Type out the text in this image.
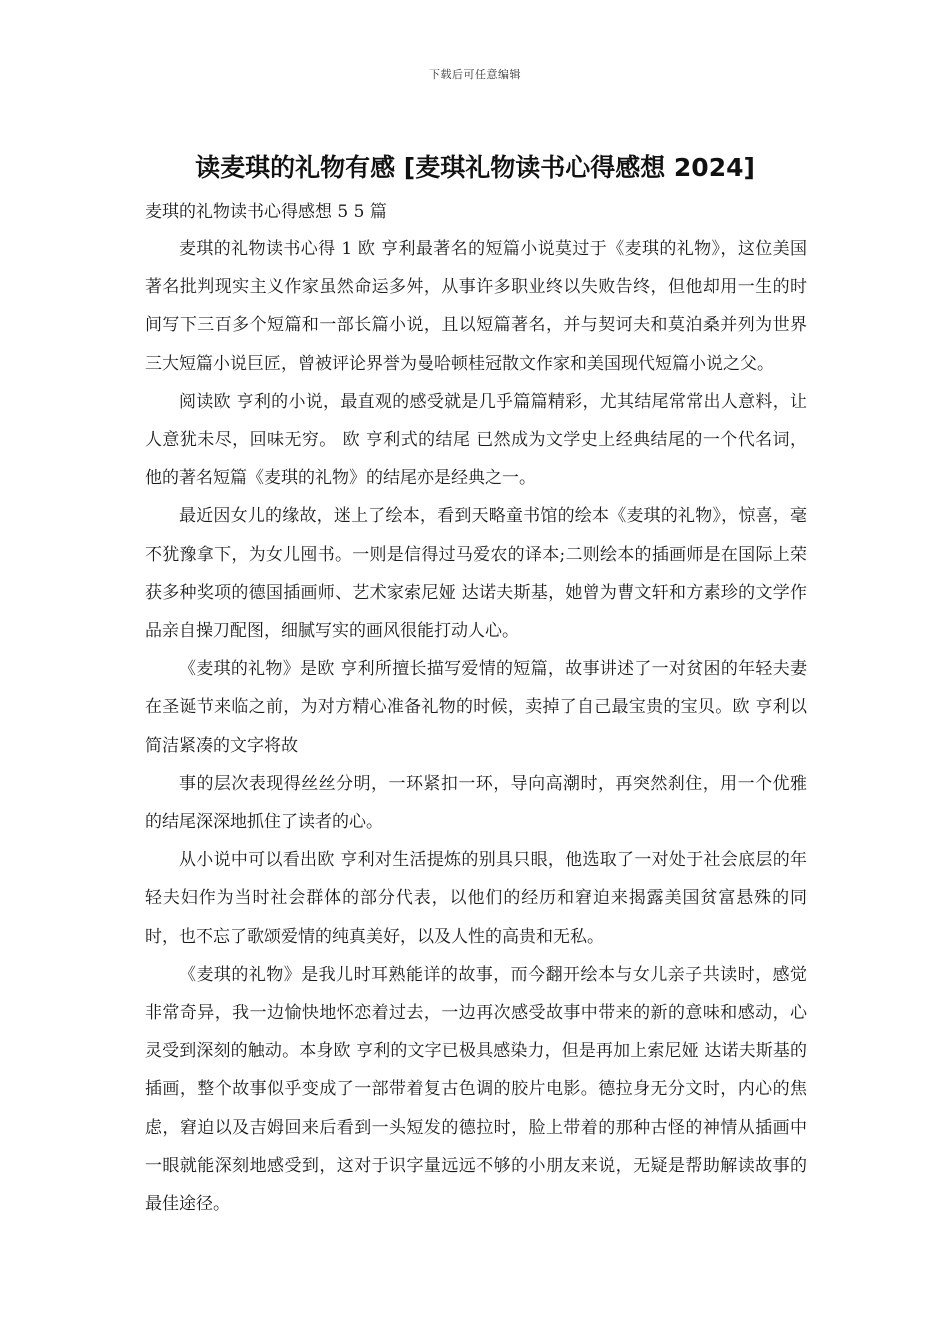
下载后可任意编辑
读麦琪的礼物有感 [麦琪礼物读书心得感想 2024]

麦琪的礼物读书心得感想 5 5 篇

麦琪的礼物读书心得 1 欧 亨利最著名的短篇小说莫过于《麦琪的礼物》，这位美国著名批判现实主义作家虽然命运多舛，从事许多职业终以失败告终，但他却用一生的时间写下三百多个短篇和一部长篇小说，且以短篇著名，并与契诃夫和莫泊桑并列为世界三大短篇小说巨匠，曾被评论界誉为曼哈顿桂冠散文作家和美国现代短篇小说之父。

阅读欧 亨利的小说，最直观的感受就是几乎篇篇精彩，尤其结尾常常出人意料，让人意犹未尽，回味无穷。 欧 亨利式的结尾 已然成为文学史上经典结尾的一个代名词，他的著名短篇《麦琪的礼物》的结尾亦是经典之一。

最近因女儿的缘故，迷上了绘本，看到天略童书馆的绘本《麦琪的礼物》，惊喜，毫不犹豫拿下，为女儿囤书。一则是信得过马爱农的译本;二则绘本的插画师是在国际上荣获多种奖项的德国插画师、艺术家索尼娅 达诺夫斯基，她曾为曹文轩和方素珍的文学作品亲自操刀配图，细腻写实的画风很能打动人心。

《麦琪的礼物》是欧 亨利所擅长描写爱情的短篇，故事讲述了一对贫困的年轻夫妻在圣诞节来临之前，为对方精心准备礼物的时候，卖掉了自己最宝贵的宝贝。欧 亨利以简洁紧凑的文字将故

事的层次表现得丝丝分明，一环紧扣一环，导向高潮时，再突然刹住，用一个优雅的结尾深深地抓住了读者的心。

从小说中可以看出欧 亨利对生活提炼的别具只眼，他选取了一对处于社会底层的年轻夫妇作为当时社会群体的部分代表，以他们的经历和窘迫来揭露美国贫富悬殊的同时，也不忘了歌颂爱情的纯真美好，以及人性的高贵和无私。

《麦琪的礼物》是我儿时耳熟能详的故事，而今翻开绘本与女儿亲子共读时，感觉非常奇异，我一边愉快地怀恋着过去，一边再次感受故事中带来的新的意味和感动，心灵受到深刻的触动。本身欧 亨利的文字已极具感染力，但是再加上索尼娅 达诺夫斯基的插画，整个故事似乎变成了一部带着复古色调的胶片电影。德拉身无分文时，内心的焦虑，窘迫以及吉姆回来后看到一头短发的德拉时，脸上带着的那种古怪的神情从插画中一眼就能深刻地感受到，这对于识字量远远不够的小朋友来说，无疑是帮助解读故事的最佳途径。
